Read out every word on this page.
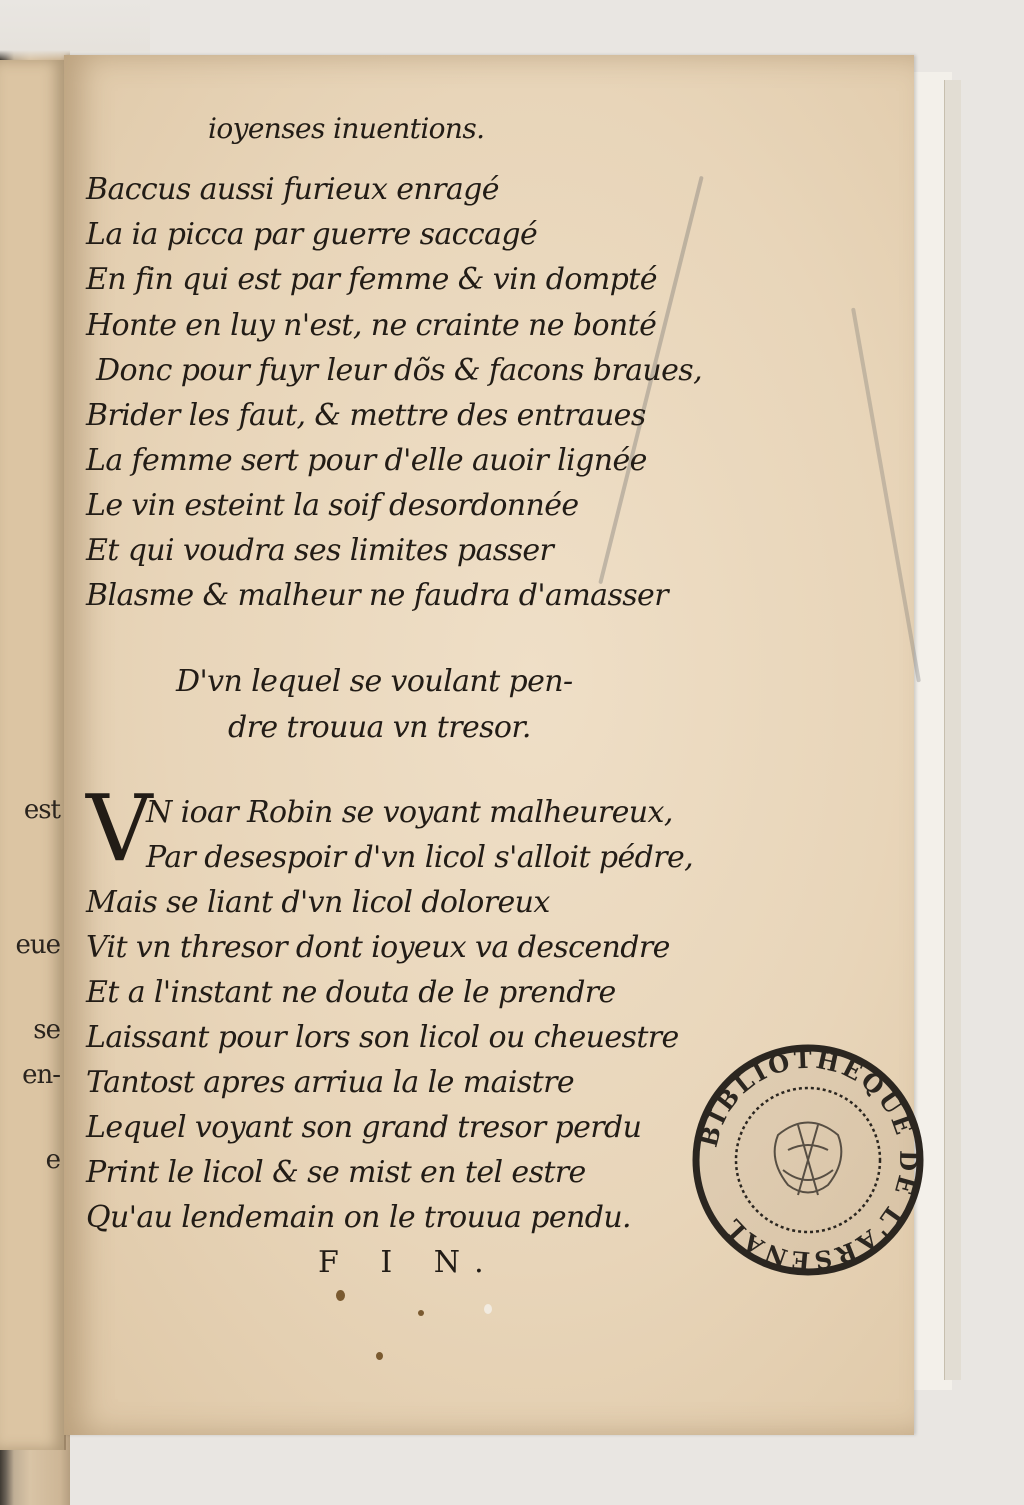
est
eue
se
en-
e
ioyenses inuentions.
Baccus aussi furieux enragé
La ia picca par guerre saccagé
En fin qui est par femme & vin dompté
Honte en luy n'est, ne crainte ne bonté
Donc pour fuyr leur dõs & facons braues,
Brider les faut, & mettre des entraues
La femme sert pour d'elle auoir lignée
Le vin esteint la soif desordonnée
Et qui voudra ses limites passer
Blasme & malheur ne faudra d'amasser
D'vn lequel se voulant pen-
dre trouua vn tresor.
V
N ioar Robin se voyant malheureux,
Par desespoir d'vn licol s'alloit pédre,
Mais se liant d'vn licol doloreux
Vit vn thresor dont ioyeux va descendre
Et a l'instant ne douta de le prendre
Laissant pour lors son licol ou cheuestre
Tantost apres arriua la le maistre
Lequel voyant son grand tresor perdu
Print le licol & se mist en tel estre
Qu'au lendemain on le trouua pendu.
F I N.
BIBLIOTHEQUE DE L'ARSENAL
